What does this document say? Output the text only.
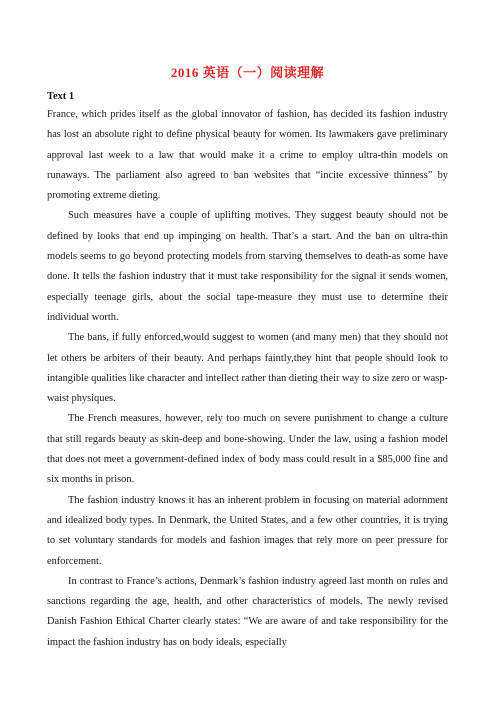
2016 英语（一）阅读理解
Text 1

France, which prides itself as the global innovator of fashion, has decided its fashion industry has lost an absolute right to define physical beauty for women. Its lawmakers gave preliminary approval last week to a law that would make it a crime to employ ultra-thin models on runaways. The parliament also agreed to ban websites that “incite excessive thinness” by promoting extreme dieting.

Such measures have a couple of uplifting motives. They suggest beauty should not be defined by looks that end up impinging on health. That’s a start. And the ban on ultra-thin models seems to go beyond protecting models from starving themselves to death-as some have done. It tells the fashion industry that it must take responsibility for the signal it sends women, especially teenage girls, about the social tape-measure they must use to determine their individual worth.

The bans, if fully enforced,would suggest to women (and many men) that they should not let others be arbiters of their beauty. And perhaps faintly,they hint that people should look to intangible qualities like character and intellect rather than dieting their way to size zero or wasp-waist physiques.

The French measures, however, rely too much on severe punishment to change a culture that still regards beauty as skin-deep and bone-showing. Under the law, using a fashion model that does not meet a government-defined index of body mass could result in a $85,000 fine and six months in prison.

The fashion industry knows it has an inherent problem in focusing on material adornment and idealized body types. In Denmark, the United States, and a few other countries, it is trying to set voluntary standards for models and fashion images that rely more on peer pressure for enforcement.

In contrast to France’s actions, Denmark’s fashion industry agreed last month on rules and sanctions regarding the age, health, and other characteristics of models. The newly revised Danish Fashion Ethical Charter clearly states: “We are aware of and take responsibility for the impact the fashion industry has on body ideals, especially
